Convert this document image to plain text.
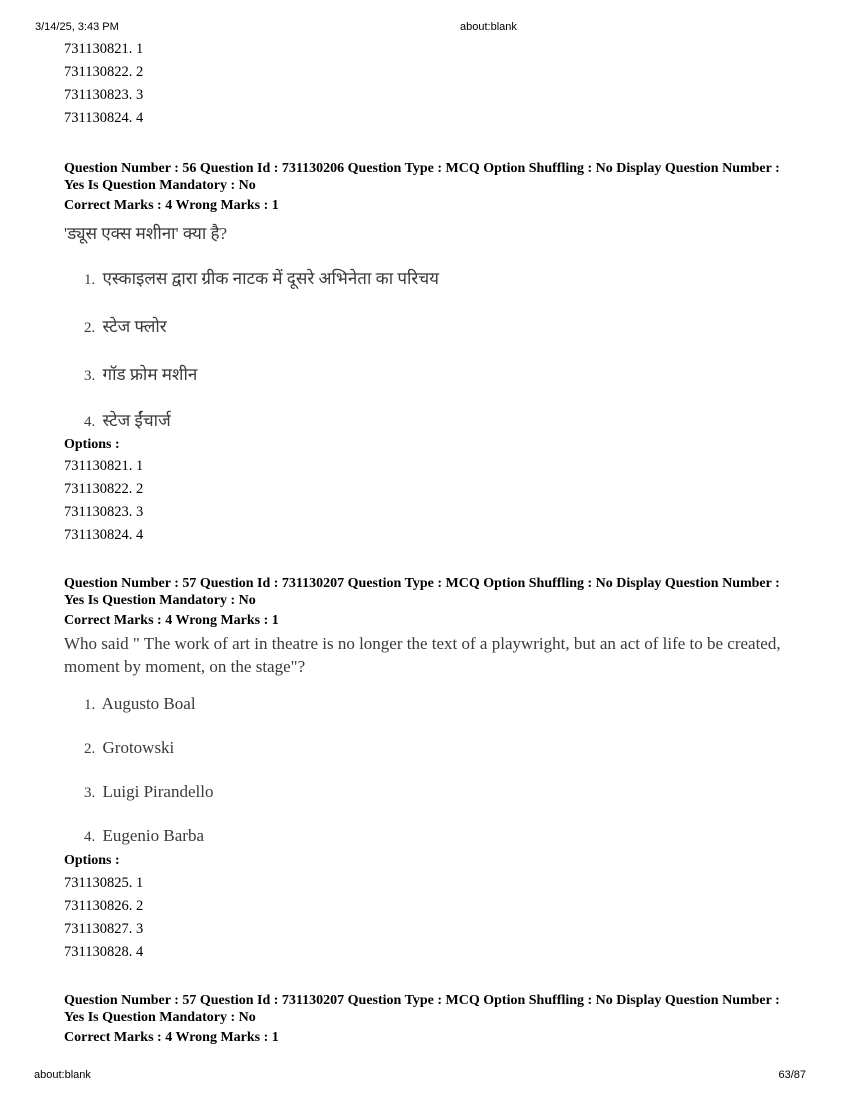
3/14/25, 3:43 PM	about:blank
731130821. 1
731130822. 2
731130823. 3
731130824. 4
Question Number : 56 Question Id : 731130206 Question Type : MCQ Option Shuffling : No Display Question Number : Yes Is Question Mandatory : No
Correct Marks : 4 Wrong Marks : 1
'ड्यूस एक्स मशीना' क्या है?
1. एस्काइलस द्वारा ग्रीक नाटक में दूसरे अभिनेता का परिचय
2. स्टेज फ्लोर
3. गॉड फ्रोम मशीन
4. स्टेज ईंचार्ज
Options :
731130821. 1
731130822. 2
731130823. 3
731130824. 4
Question Number : 57 Question Id : 731130207 Question Type : MCQ Option Shuffling : No Display Question Number : Yes Is Question Mandatory : No
Correct Marks : 4 Wrong Marks : 1
Who said " The work of art in theatre is no longer the text of a playwright, but an act of life to be created, moment by moment, on the stage"?
1. Augusto Boal
2. Grotowski
3. Luigi Pirandello
4. Eugenio Barba
Options :
731130825. 1
731130826. 2
731130827. 3
731130828. 4
Question Number : 57 Question Id : 731130207 Question Type : MCQ Option Shuffling : No Display Question Number : Yes Is Question Mandatory : No
Correct Marks : 4 Wrong Marks : 1
about:blank	63/87
